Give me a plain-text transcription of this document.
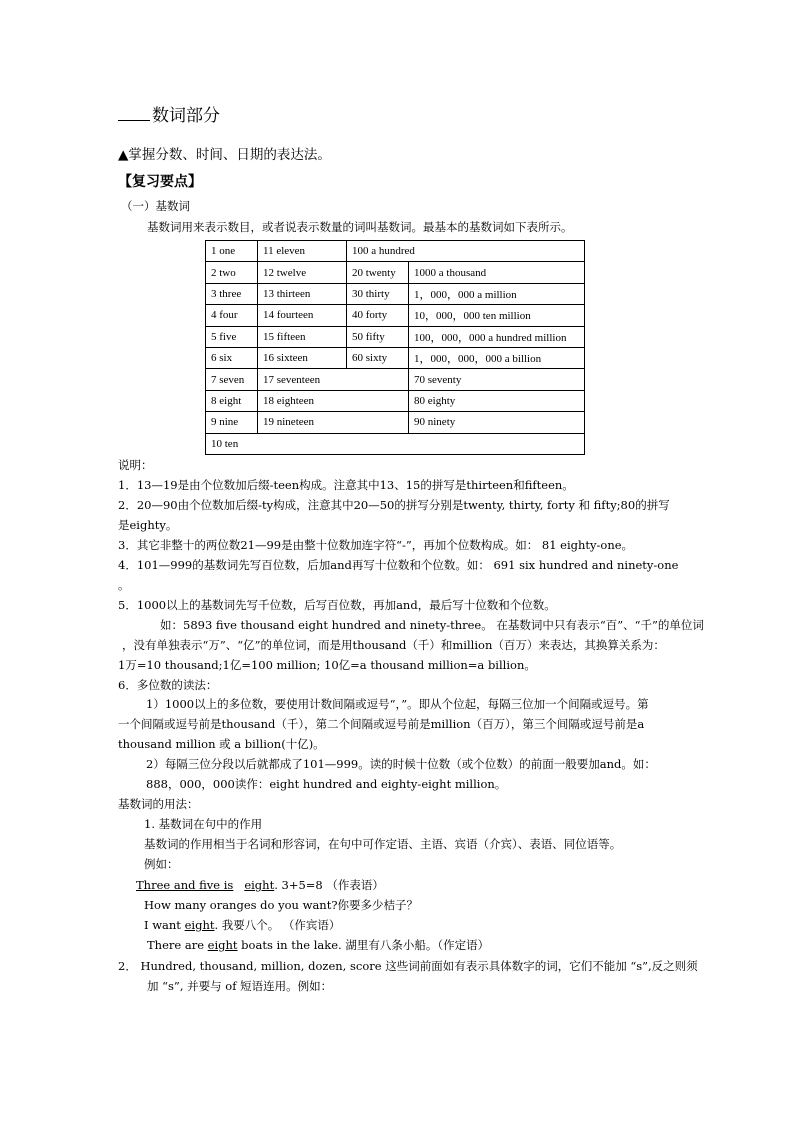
数词部分
▲掌握分数、时间、日期的表达法。
【复习要点】
（一）基数词
基数词用来表示数目，或者说表示数量的词叫基数词。最基本的基数词如下表所示。
1 one	11 eleven	100 a hundred	
2 two	12 twelve	20 twenty	1000 a thousand
3 three	13 thirteen	30 thirty	1，000，000 a million
4 four	14 fourteen	40 forty	10，000，000 ten million
5 five	15 fifteen	50 fifty	100，000，000 a hundred million
6 six	16 sixteen	60 sixty	1，000，000，000 a billion
7 seven	17 seventeen		70 seventy
8 eight	18 eighteen		80 eighty
9 nine	19 nineteen		90 ninety
10 ten			
说明：
1．13—19是由个位数加后缀-teen构成。注意其中13、15的拼写是thirteen和fifteen。
2．20—90由个位数加后缀-ty构成，注意其中20—50的拼写分别是twenty, thirty, forty 和 fifty;80的拼写
是eighty。
3．其它非整十的两位数21—99是由整十位数加连字符“-”，再加个位数构成。如： 81 eighty-one。
4．101—999的基数词先写百位数，后加and再写十位数和个位数。如： 691 six hundred and ninety-one
。
5．1000以上的基数词先写千位数，后写百位数，再加and，最后写十位数和个位数。
如：5893 five thousand eight hundred and ninety-three。 在基数词中只有表示“百”、“千”的单位词
，没有单独表示“万”、“亿”的单位词，而是用thousand（千）和million（百万）来表达，其换算关系为：
1万=10 thousand;1亿=100 million; 10亿=a thousand million=a billion。
6．多位数的读法：
1）1000以上的多位数，要使用计数间隔或逗号“，”。即从个位起，每隔三位加一个间隔或逗号。第
一个间隔或逗号前是thousand（千），第二个间隔或逗号前是million（百万），第三个间隔或逗号前是a
thousand million 或 a billion(十亿)。
2）每隔三位分段以后就都成了101—999。读的时候十位数（或个位数）的前面一般要加and。如：
888，000，000读作：eight hundred and eighty-eight million。
基数词的用法：
1. 基数词在句中的作用
基数词的作用相当于名词和形容词，在句中可作定语、主语、宾语（介宾）、表语、同位语等。
例如：
Three and five is eight. 3+5=8 （作表语）
How many oranges do you want?你要多少桔子？
I want eight. 我要八个。 （作宾语）
There are eight boats in the lake. 湖里有八条小船。（作定语）
2． Hundred, thousand, million, dozen, score 这些词前面如有表示具体数字的词，它们不能加 “s”,反之则须
加 “s”, 并要与 of 短语连用。例如：
